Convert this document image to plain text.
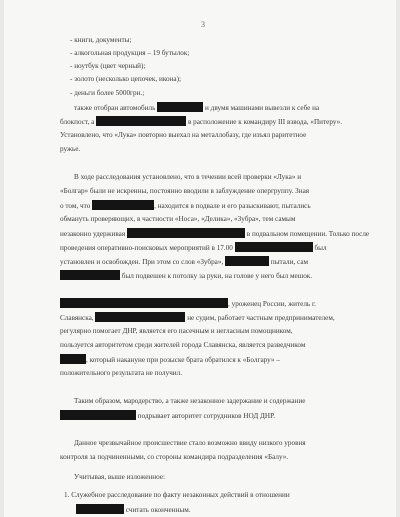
3
- книги, документы;
- алкогольная продукция – 19 бутылок;
- ноутбук (цвет черный);
- золото (несколько цепочек, икона);
- деньги более 5000грн.;
также отобран автомобиль	и двумя машинами вывезли к себе на
блокпост, а	в расположение к командиру III взвода, «Питеру».
Установлено, что «Лука» повторно выехал на металлобазу, где изъял раритетное
ружье.
В ходе расследования установлено, что в течении всей проверки «Лука» и
«Болгар» были не искренны, постоянно вводили в заблуждение опергруппу. Зная
о том, что	, находится в подвале и его разыскивают, пытались
обмануть проверяющих, в частности «Носа», «Делика», «Зубра», тем самым
незаконно удерживая	в подвальном помещении. Только после
проведения оперативно-поисковых мероприятий в 17.00	был
установлен и освобожден. При этом со слов «Зубра»,	пытали, сам
был подвешен к потолку за руки, на голове у него был мешок.
, уроженец России, житель г.
Славянска,	не судим, работает частным предпринимателем,
регулярно помогает ДНР, является его пасечным и негласным помощником,
пользуется авторитетом среди жителей города Славянска, является разведчиком
, который накануне при розыске брата обратился к «Болгару» –
положительного результата не получил.
Таким образом, мародерство, а также незаконное задержание и содержание
подрывает авторитет сотрудников НОД ДНР.
Данное чрезвычайное происшествие стало возможно ввиду низкого уровня
контроля за подчиненными, со стороны командира подразделения «Балу».
Учитывая, выше изложенное:
1. Служебное расследование по факту незаконных действий в отношении
считать оконченным.
